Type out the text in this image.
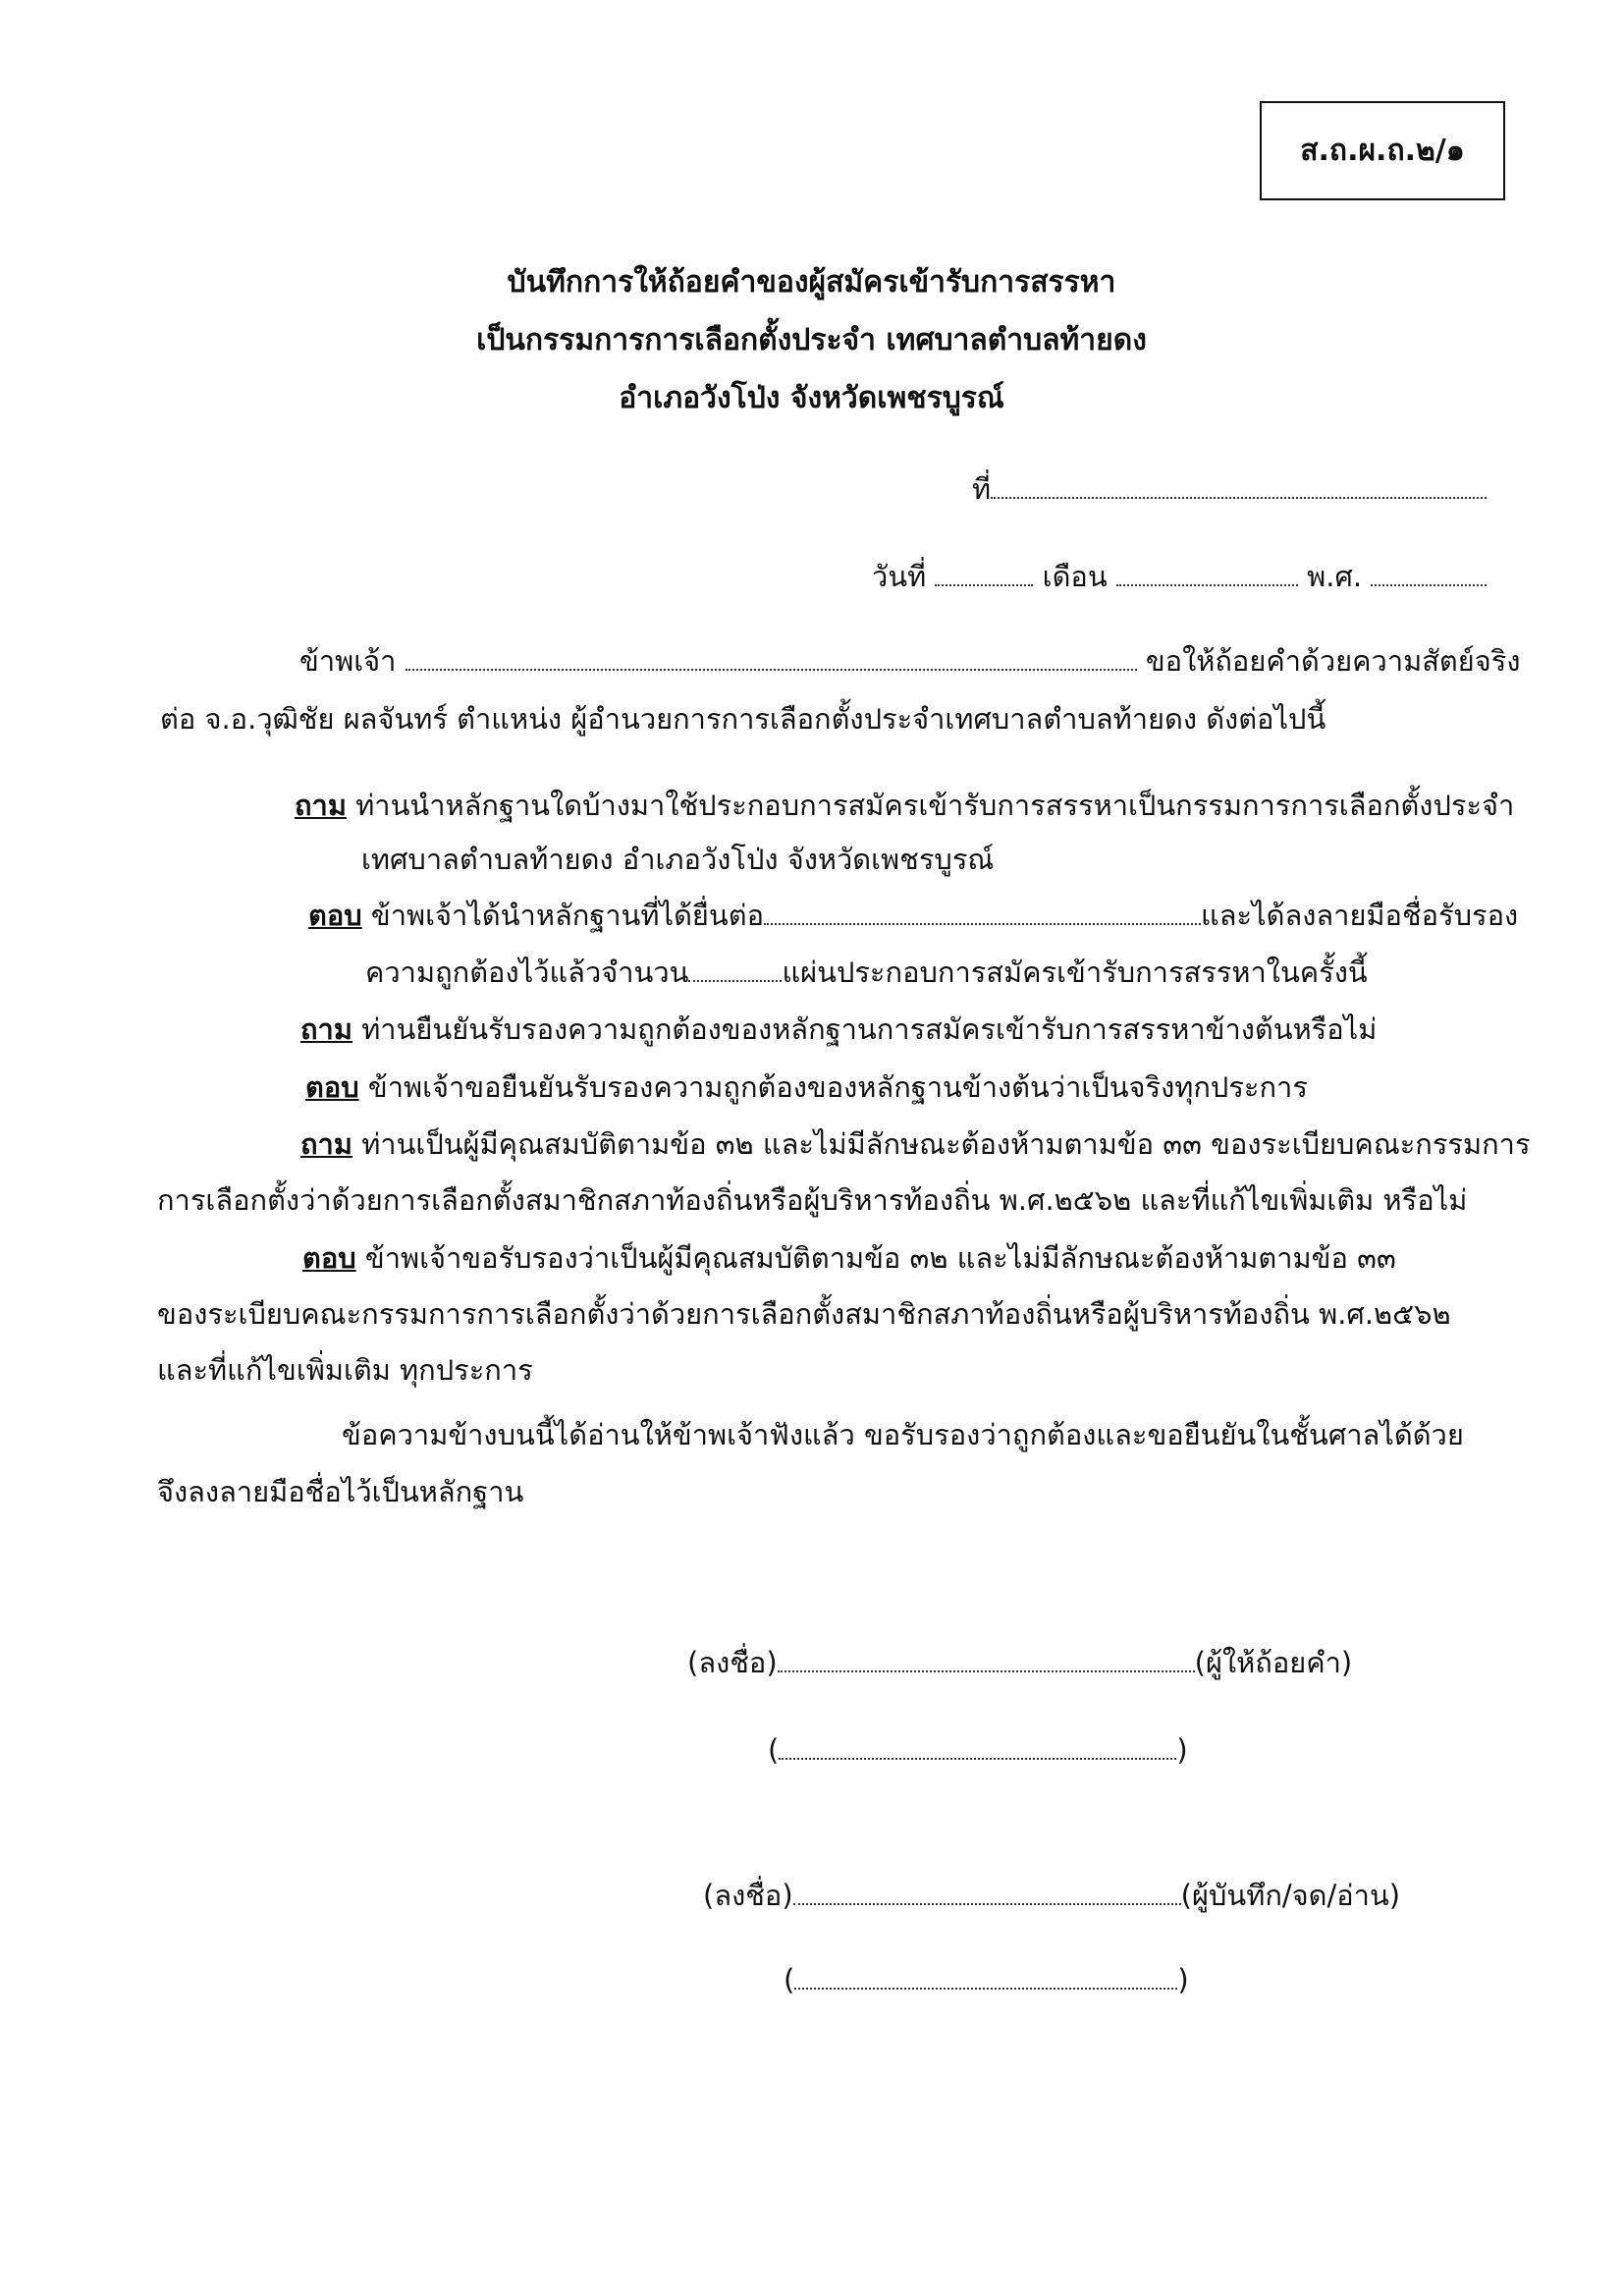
ส.ถ.ผ.ถ.๒/๑
บันทึกการให้ถ้อยคำของผู้สมัครเข้ารับการสรรหา
เป็นกรรมการการเลือกตั้งประจำ เทศบาลตำบลท้ายดง
อำเภอวังโป่ง จังหวัดเพชรบูรณ์
ที่
วันที่	เดือน	พ.ศ.
ข้าพเจ้า	ขอให้ถ้อยคำด้วยความสัตย์จริง
ต่อ จ.อ.วุฒิชัย ผลจันทร์ ตำแหน่ง ผู้อำนวยการการเลือกตั้งประจำเทศบาลตำบลท้ายดง ดังต่อไปนี้
ถาม ท่านนำหลักฐานใดบ้างมาใช้ประกอบการสมัครเข้ารับการสรรหาเป็นกรรมการการเลือกตั้งประจำ
เทศบาลตำบลท้ายดง อำเภอวังโป่ง จังหวัดเพชรบูรณ์
ตอบ ข้าพเจ้าได้นำหลักฐานที่ได้ยื่นต่อ	และได้ลงลายมือชื่อรับรอง
ความถูกต้องไว้แล้วจำนวน	แผ่นประกอบการสมัครเข้ารับการสรรหาในครั้งนี้
ถาม ท่านยืนยันรับรองความถูกต้องของหลักฐานการสมัครเข้ารับการสรรหาข้างต้นหรือไม่
ตอบ ข้าพเจ้าขอยืนยันรับรองความถูกต้องของหลักฐานข้างต้นว่าเป็นจริงทุกประการ
ถาม ท่านเป็นผู้มีคุณสมบัติตามข้อ ๓๒ และไม่มีลักษณะต้องห้ามตามข้อ ๓๓ ของระเบียบคณะกรรมการ
การเลือกตั้งว่าด้วยการเลือกตั้งสมาชิกสภาท้องถิ่นหรือผู้บริหารท้องถิ่น พ.ศ.๒๕๖๒ และที่แก้ไขเพิ่มเติม หรือไม่
ตอบ ข้าพเจ้าขอรับรองว่าเป็นผู้มีคุณสมบัติตามข้อ ๓๒ และไม่มีลักษณะต้องห้ามตามข้อ ๓๓
ของระเบียบคณะกรรมการการเลือกตั้งว่าด้วยการเลือกตั้งสมาชิกสภาท้องถิ่นหรือผู้บริหารท้องถิ่น พ.ศ.๒๕๖๒
และที่แก้ไขเพิ่มเติม ทุกประการ
ข้อความข้างบนนี้ได้อ่านให้ข้าพเจ้าฟังแล้ว ขอรับรองว่าถูกต้องและขอยืนยันในชั้นศาลได้ด้วย
จึงลงลายมือชื่อไว้เป็นหลักฐาน
(ลงชื่อ)	(ผู้ให้ถ้อยคำ)
(	)
(ลงชื่อ)	(ผู้บันทึก/จด/อ่าน)
(	)
